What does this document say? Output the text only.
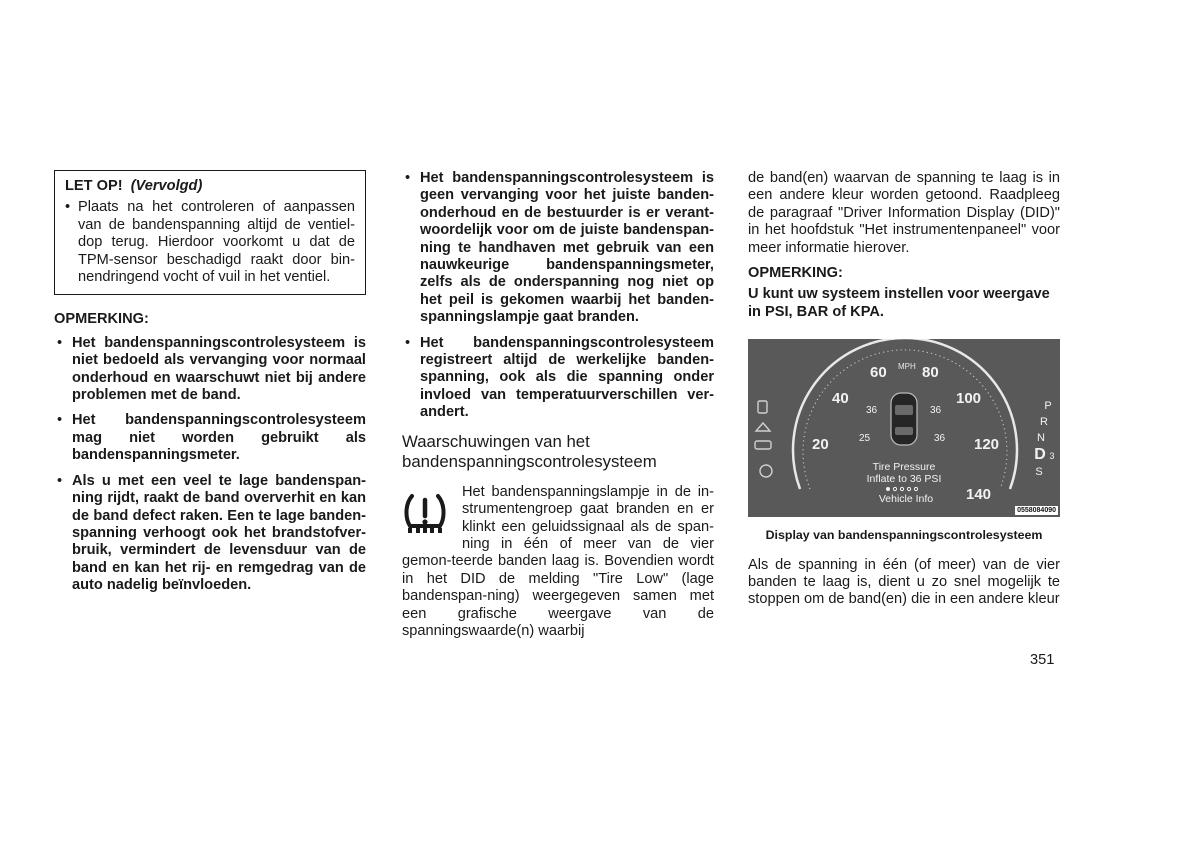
LET OP! (Vervolgd)
• Plaats na het controleren of aanpassen van de bandenspanning altijd de ventiel-dop terug. Hierdoor voorkomt u dat de TPM-sensor beschadigd raakt door bin-nendringend vocht of vuil in het ventiel.
OPMERKING:
• Het bandenspanningscontrolesysteem is niet bedoeld als vervanging voor normaal onderhoud en waarschuwt niet bij andere problemen met de band.
• Het bandenspanningscontrolesysteem mag niet worden gebruikt als bandenspanningsmeter.
• Als u met een veel te lage bandenspan-ning rijdt, raakt de band oververhit en kan de band defect raken. Een te lage banden-spanning verhoogt ook het brandstofver-bruik, vermindert de levensduur van de band en kan het rij- en remgedrag van de auto nadelig beïnvloeden.
• Het bandenspanningscontrolesysteem is geen vervanging voor het juiste banden-onderhoud en de bestuurder is er verant-woordelijk voor om de juiste bandenspan-ning te handhaven met gebruik van een nauwkeurige bandenspanningsmeter, zelfs als de onderspanning nog niet op het peil is gekomen waarbij het banden-spanningslampje gaat branden.
• Het bandenspanningscontrolesysteem registreert altijd de werkelijke banden-spanning, ook als die spanning onder invloed van temperatuurverschillen ver-andert.
Waarschuwingen van het bandenspanningscontrolesysteem
Het bandenspanningslampje in de in-strumentengroep gaat branden en er klinkt een geluidssignaal als de span-ning in één of meer van de vier gemon-teerde banden laag is. Bovendien wordt in het DID de melding "Tire Low" (lage bandenspan-ning) weergegeven samen met een grafische weergave van de spanningswaarde(n) waarbij
de band(en) waarvan de spanning te laag is in een andere kleur worden getoond. Raadpleeg de paragraaf "Driver Information Display (DID)" in het hoofdstuk "Het instrumentenpaneel" voor meer informatie hierover.
OPMERKING:
U kunt uw systeem instellen voor weergave in PSI, BAR of KPA.
20
40
60 80
100
120
140
MPH
36	36
25	36
Tire Pressure
Inflate to 36 PSI
Vehicle Info
P
R
N
D 3
S
0558084090
Display van bandenspanningscontrolesysteem
Als de spanning in één (of meer) van de vier banden te laag is, dient u zo snel mogelijk te stoppen om de band(en) die in een andere kleur
351
